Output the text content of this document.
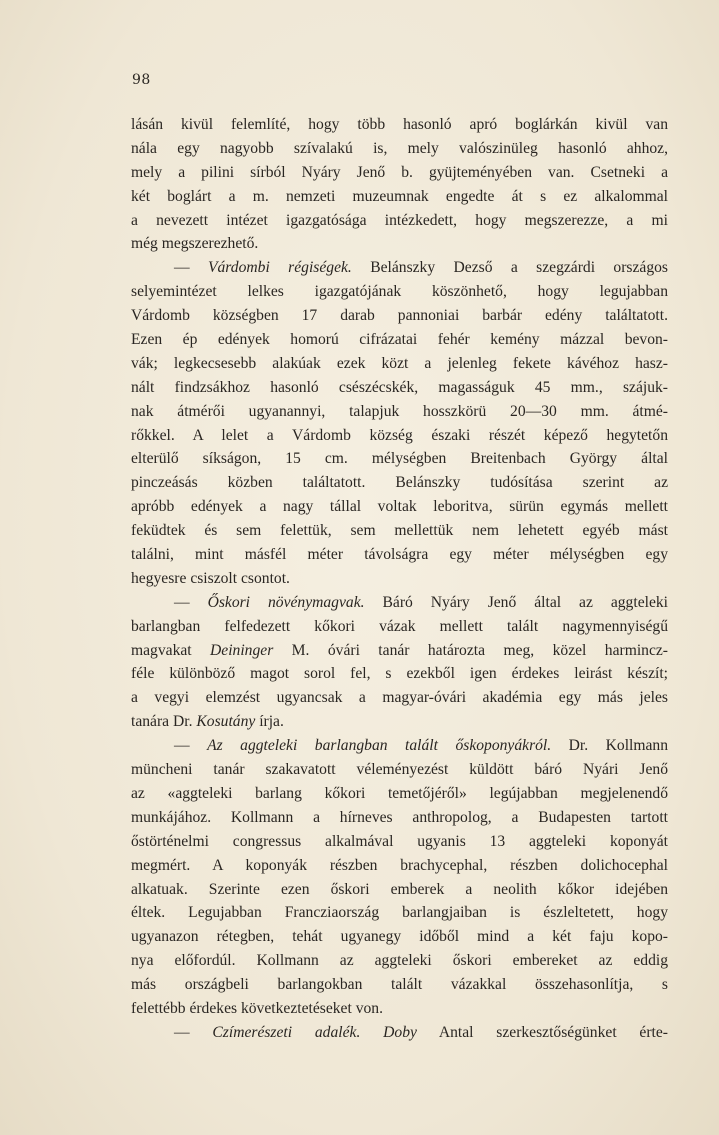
98
lásán kivül felemlíté, hogy több hasonló apró boglárkán kivül van
nála egy nagyobb szívalakú is, mely valószinüleg hasonló ahhoz,
mely a pilini sírból Nyáry Jenő b. gyüjteményében van. Csetneki a
két boglárt a m. nemzeti muzeumnak engedte át s ez alkalommal
a nevezett intézet igazgatósága intézkedett, hogy megszerezze, a mi
még megszerezhető.
— Várdombi régiségek. Belánszky Dezső a szegzárdi országos
selyemintézet lelkes igazgatójának köszönhető, hogy legujabban
Várdomb községben 17 darab pannoniai barbár edény találtatott.
Ezen ép edények homorú cifrázatai fehér kemény mázzal bevon-
vák; legkecsesebb alakúak ezek közt a jelenleg fekete kávéhoz hasz-
nált findzsákhoz hasonló csészécskék, magasságuk 45 mm., szájuk-
nak átmérői ugyanannyi, talapjuk hosszkörü 20—30 mm. átmé-
rőkkel. A lelet a Várdomb község északi részét képező hegytetőn
elterülő síkságon, 15 cm. mélységben Breitenbach György által
pinczeásás közben találtatott. Belánszky tudósítása szerint az
apróbb edények a nagy tállal voltak leboritva, sürün egymás mellett
feküdtek és sem felettük, sem mellettük nem lehetett egyéb mást
találni, mint másfél méter távolságra egy méter mélységben egy
hegyesre csiszolt csontot.
— Őskori növénymagvak. Báró Nyáry Jenő által az aggteleki
barlangban felfedezett kőkori vázak mellett talált nagymennyiségű
magvakat Deininger M. óvári tanár határozta meg, közel harmincz-
féle különböző magot sorol fel, s ezekből igen érdekes leirást készít;
a vegyi elemzést ugyancsak a magyar-óvári akadémia egy más jeles
tanára Dr. Kosutány írja.
— Az aggteleki barlangban talált őskoponyákról. Dr. Kollmann
müncheni tanár szakavatott véleményezést küldött báró Nyári Jenő
az «aggteleki barlang kőkori temetőjéről» legújabban megjelenendő
munkájához. Kollmann a hírneves anthropolog, a Budapesten tartott
őstörténelmi congressus alkalmával ugyanis 13 aggteleki koponyát
megmért. A koponyák részben brachycephal, részben dolichocephal
alkatuak. Szerinte ezen őskori emberek a neolith kőkor idejében
éltek. Legujabban Francziaország barlangjaiban is észleltetett, hogy
ugyanazon rétegben, tehát ugyanegy időből mind a két faju kopo-
nya előfordúl. Kollmann az aggteleki őskori embereket az eddig
más országbeli barlangokban talált vázakkal összehasonlítja, s
felettébb érdekes következtetéseket von.
— Czímerészeti adalék. Doby Antal szerkesztőségünket érte-
